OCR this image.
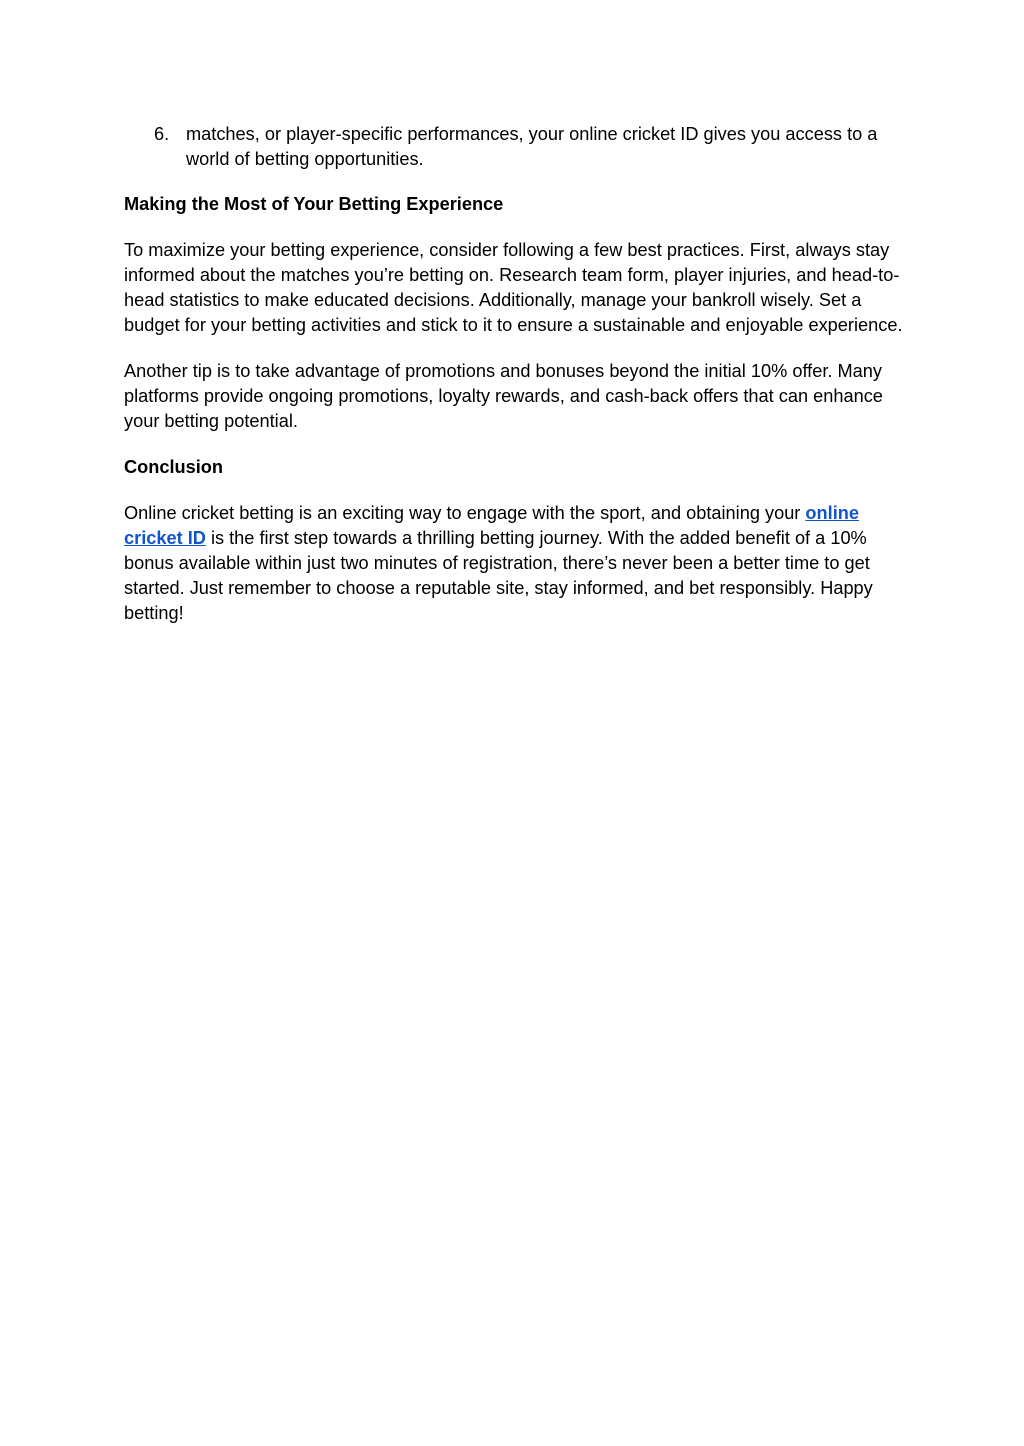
6. matches, or player-specific performances, your online cricket ID gives you access to a world of betting opportunities.
Making the Most of Your Betting Experience

To maximize your betting experience, consider following a few best practices. First, always stay informed about the matches you’re betting on. Research team form, player injuries, and head-to-head statistics to make educated decisions. Additionally, manage your bankroll wisely. Set a budget for your betting activities and stick to it to ensure a sustainable and enjoyable experience.

Another tip is to take advantage of promotions and bonuses beyond the initial 10% offer. Many platforms provide ongoing promotions, loyalty rewards, and cash-back offers that can enhance your betting potential.

Conclusion

Online cricket betting is an exciting way to engage with the sport, and obtaining your online cricket ID is the first step towards a thrilling betting journey. With the added benefit of a 10% bonus available within just two minutes of registration, there’s never been a better time to get started. Just remember to choose a reputable site, stay informed, and bet responsibly. Happy betting!
